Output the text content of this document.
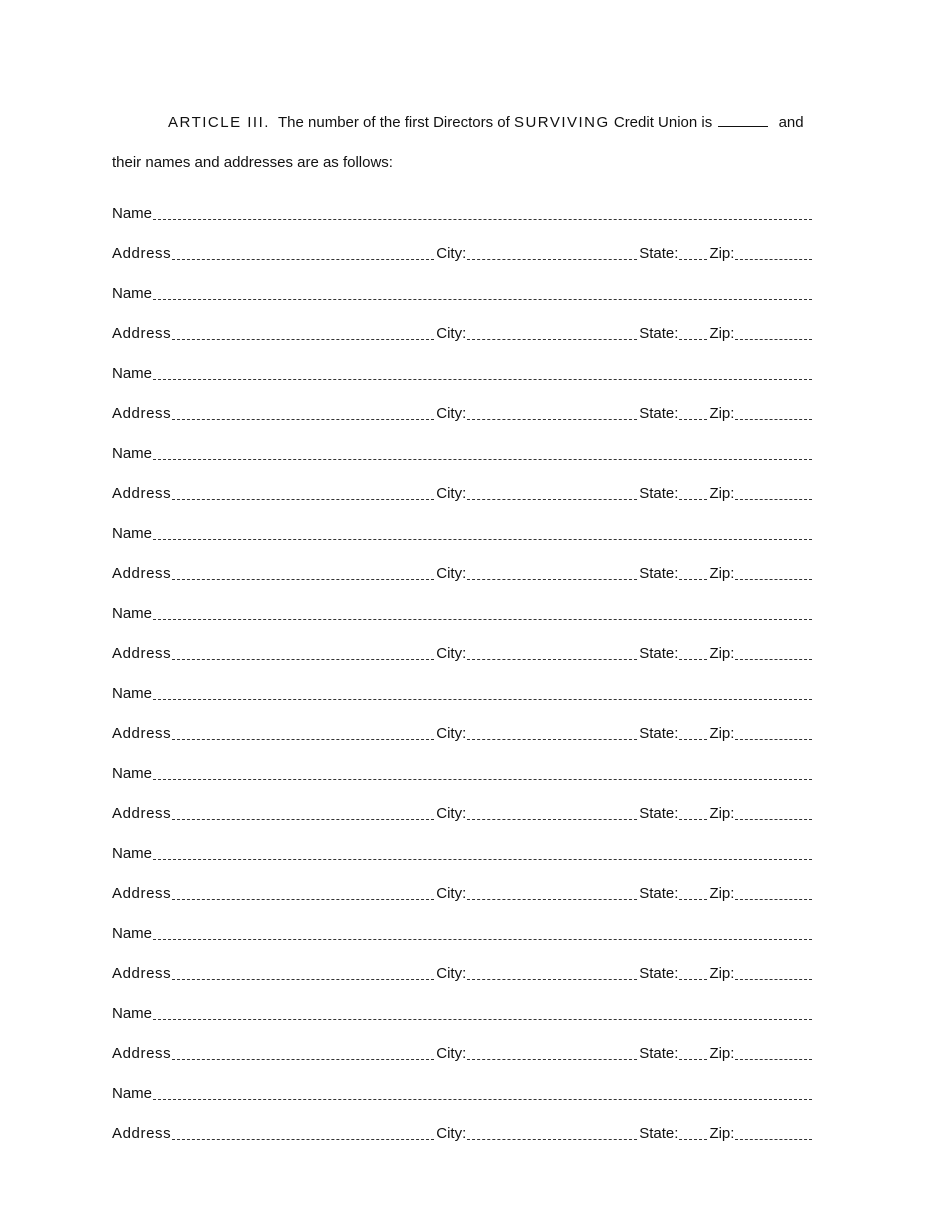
ARTICLE III. The number of the first Directors of SURVIVING Credit Union is	and
their names and addresses are as follows:
Name
Address	City:	State: Zip:
Name
Address	City:	State: Zip:
Name
Address	City:	State: Zip:
Name
Address	City:	State: Zip:
Name
Address	City:	State: Zip:
Name
Address	City:	State: Zip:
Name
Address	City:	State: Zip:
Name
Address	City:	State: Zip:
Name
Address	City:	State: Zip:
Name
Address	City:	State: Zip:
Name
Address	City:	State: Zip:
Name
Address	City:	State: Zip:
